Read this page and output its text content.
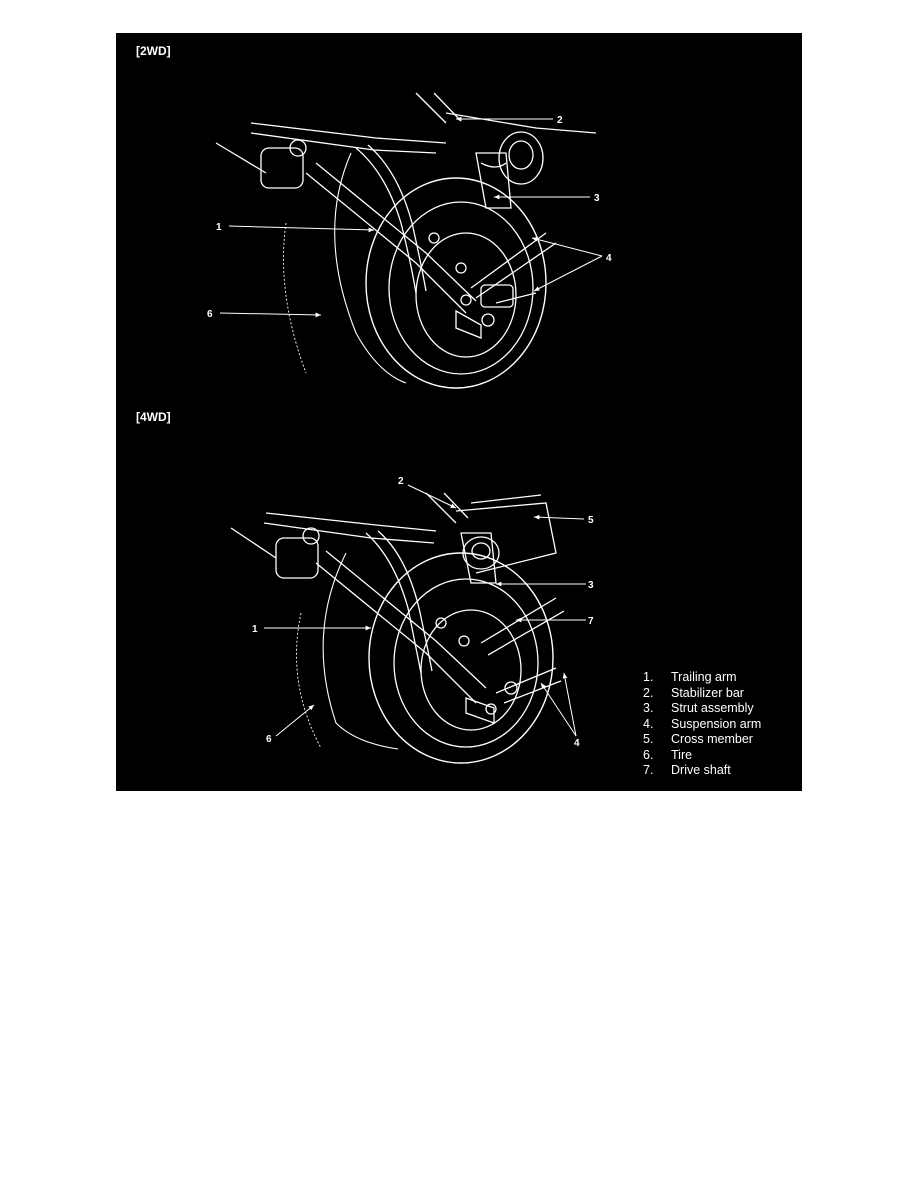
[2WD]
[4WD]
1
2
3
4
6
1
2
3
4
5
6
7
1.	Trailing arm
2.	Stabilizer bar
3.	Strut assembly
4.	Suspension arm
5.	Cross member
6.	Tire
7.	Drive shaft
